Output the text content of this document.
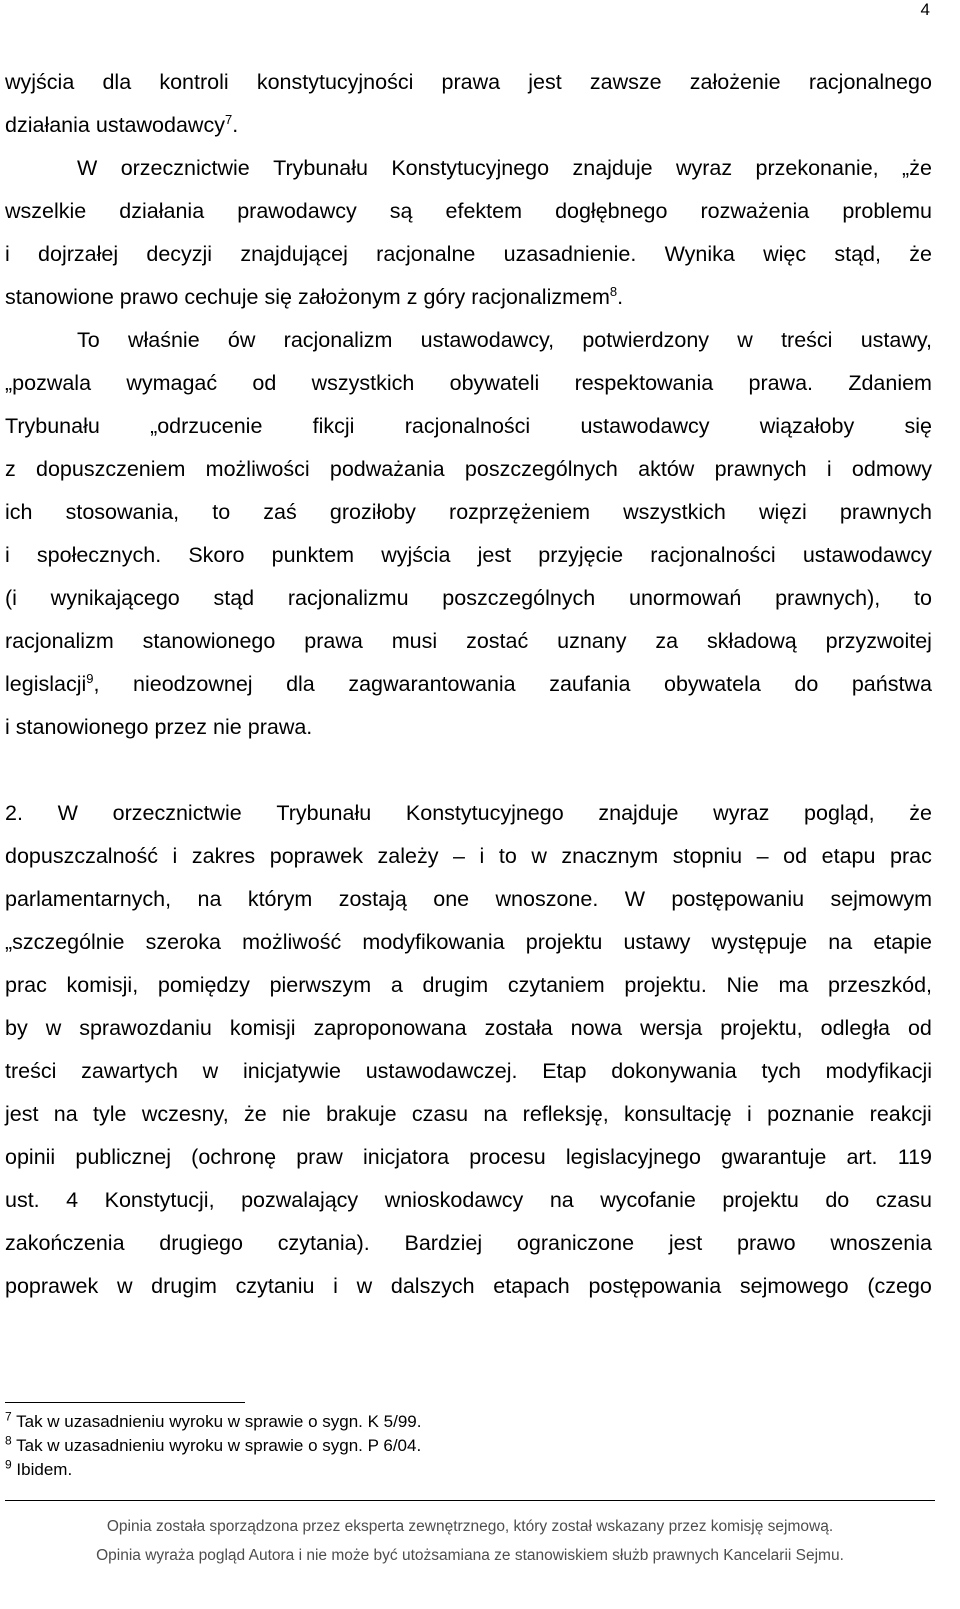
4
wyjścia dla kontroli konstytucyjności prawa jest zawsze założenie racjonalnego
działania ustawodawcy$^7$.
W orzecznictwie Trybunału Konstytucyjnego znajduje wyraz przekonanie, „że
wszelkie działania prawodawcy są efektem dogłębnego rozważenia problemu
i dojrzałej decyzji znajdującej racjonalne uzasadnienie. Wynika więc stąd, że
stanowione prawo cechuje się założonym z góry racjonalizmem$^8$.
To właśnie ów racjonalizm ustawodawcy, potwierdzony w treści ustawy,
„pozwala wymagać od wszystkich obywateli respektowania prawa. Zdaniem
Trybunału „odrzucenie fikcji racjonalności ustawodawcy wiązałoby się
z dopuszczeniem możliwości podważania poszczególnych aktów prawnych i odmowy
ich stosowania, to zaś groziłoby rozprzężeniem wszystkich więzi prawnych
i społecznych. Skoro punktem wyjścia jest przyjęcie racjonalności ustawodawcy
(i wynikającego stąd racjonalizmu poszczególnych unormowań prawnych), to
racjonalizm stanowionego prawa musi zostać uznany za składową przyzwoitej
legislacji$^9$, nieodzownej dla zagwarantowania zaufania obywatela do państwa
i stanowionego przez nie prawa.
2. W orzecznictwie Trybunału Konstytucyjnego znajduje wyraz pogląd, że
dopuszczalność i zakres poprawek zależy – i to w znacznym stopniu – od etapu prac
parlamentarnych, na którym zostają one wnoszone. W postępowaniu sejmowym
„szczególnie szeroka możliwość modyfikowania projektu ustawy występuje na etapie
prac komisji, pomiędzy pierwszym a drugim czytaniem projektu. Nie ma przeszkód,
by w sprawozdaniu komisji zaproponowana została nowa wersja projektu, odległa od
treści zawartych w inicjatywie ustawodawczej. Etap dokonywania tych modyfikacji
jest na tyle wczesny, że nie brakuje czasu na refleksję, konsultację i poznanie reakcji
opinii publicznej (ochronę praw inicjatora procesu legislacyjnego gwarantuje art. 119
ust. 4 Konstytucji, pozwalający wnioskodawcy na wycofanie projektu do czasu
zakończenia drugiego czytania). Bardziej ograniczone jest prawo wnoszenia
poprawek w drugim czytaniu i w dalszych etapach postępowania sejmowego (czego
$^7$ Tak w uzasadnieniu wyroku w sprawie o sygn. K 5/99.
$^8$ Tak w uzasadnieniu wyroku w sprawie o sygn. P 6/04.
$^9$ Ibidem.
Opinia została sporządzona przez eksperta zewnętrznego, który został wskazany przez komisję sejmową.
Opinia wyraża pogląd Autora i nie może być utożsamiana ze stanowiskiem służb prawnych Kancelarii Sejmu.
